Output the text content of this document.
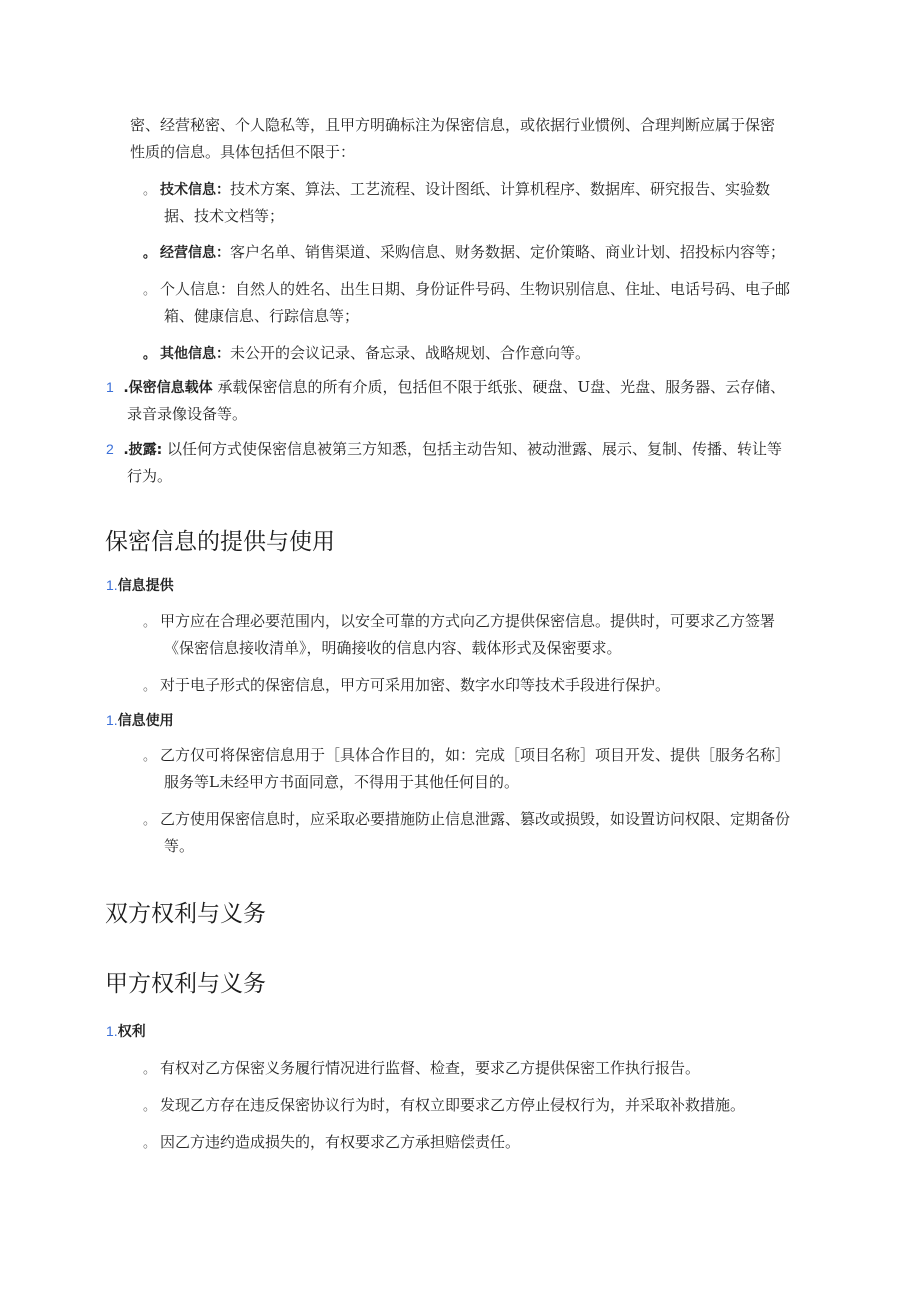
密、经营秘密、个人隐私等，且甲方明确标注为保密信息，或依据行业惯例、合理判断应属于保密
性质的信息。具体包括但不限于：
。 技术信息：技术方案、算法、工艺流程、设计图纸、计算机程序、数据库、研究报告、实验数
据、技术文档等；
。 经营信息：客户名单、销售渠道、采购信息、财务数据、定价策略、商业计划、招投标内容等；
。 个人信息：自然人的姓名、出生日期、身份证件号码、生物识别信息、住址、电话号码、电子邮
箱、健康信息、行踪信息等；
。 其他信息：未公开的会议记录、备忘录、战略规划、合作意向等。
1 .保密信息载体 承载保密信息的所有介质，包括但不限于纸张、硬盘、U盘、光盘、服务器、云存储、
录音录像设备等。
2 .披露: 以任何方式使保密信息被第三方知悉，包括主动告知、被动泄露、展示、复制、传播、转让等
行为。
保密信息的提供与使用
1.信息提供
。 甲方应在合理必要范围内，以安全可靠的方式向乙方提供保密信息。提供时，可要求乙方签署
《保密信息接收清单》，明确接收的信息内容、载体形式及保密要求。
。 对于电子形式的保密信息，甲方可采用加密、数字水印等技术手段进行保护。
1.信息使用
。 乙方仅可将保密信息用于［具体合作目的，如：完成［项目名称］项目开发、提供［服务名称］
服务等L未经甲方书面同意，不得用于其他任何目的。
。 乙方使用保密信息时，应采取必要措施防止信息泄露、篡改或损毁，如设置访问权限、定期备份
等。
双方权利与义务
甲方权利与义务
1.权利
。 有权对乙方保密义务履行情况进行监督、检查，要求乙方提供保密工作执行报告。
。 发现乙方存在违反保密协议行为时，有权立即要求乙方停止侵权行为，并采取补救措施。
。 因乙方违约造成损失的，有权要求乙方承担赔偿责任。
